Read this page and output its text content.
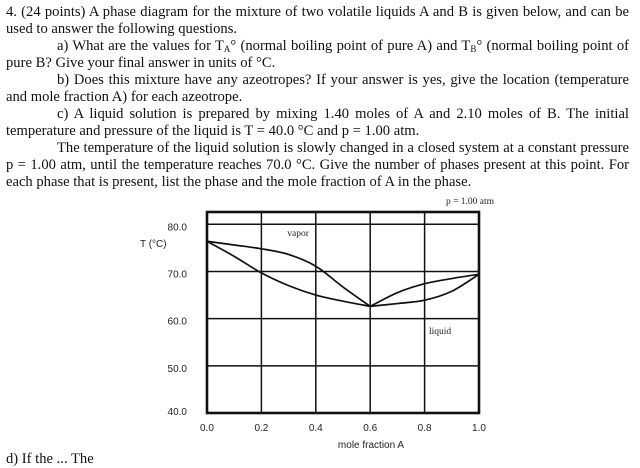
4. (24 points) A phase diagram for the mixture of two volatile liquids A and B is given below, and can be
used to answer the following questions.
a) What are the values for $T_A^\circ$ (normal boiling point of pure A) and $T_B^\circ$ (normal boiling point of
pure B? Give your final answer in units of °C.
b) Does this mixture have any azeotropes? If your answer is yes, give the location (temperature
and mole fraction A) for each azeotrope.
c) A liquid solution is prepared by mixing 1.40 moles of A and 2.10 moles of B. The initial
temperature and pressure of the liquid is T = 40.0 °C and p = 1.00 atm.
The temperature of the liquid solution is slowly changed in a closed system at a constant pressure
p = 1.00 atm, until the temperature reaches 70.0 °C. Give the number of phases present at this point. For
each phase that is present, list the phase and the mole fraction of A in the phase.
0.0	0.2	0.4	0.6	0.8	1.0
80.0
70.0
60.0
50.0
40.0
T (°C)
mole fraction A
p = 1.00 atm
vapor
liquid
d) If the ... The
